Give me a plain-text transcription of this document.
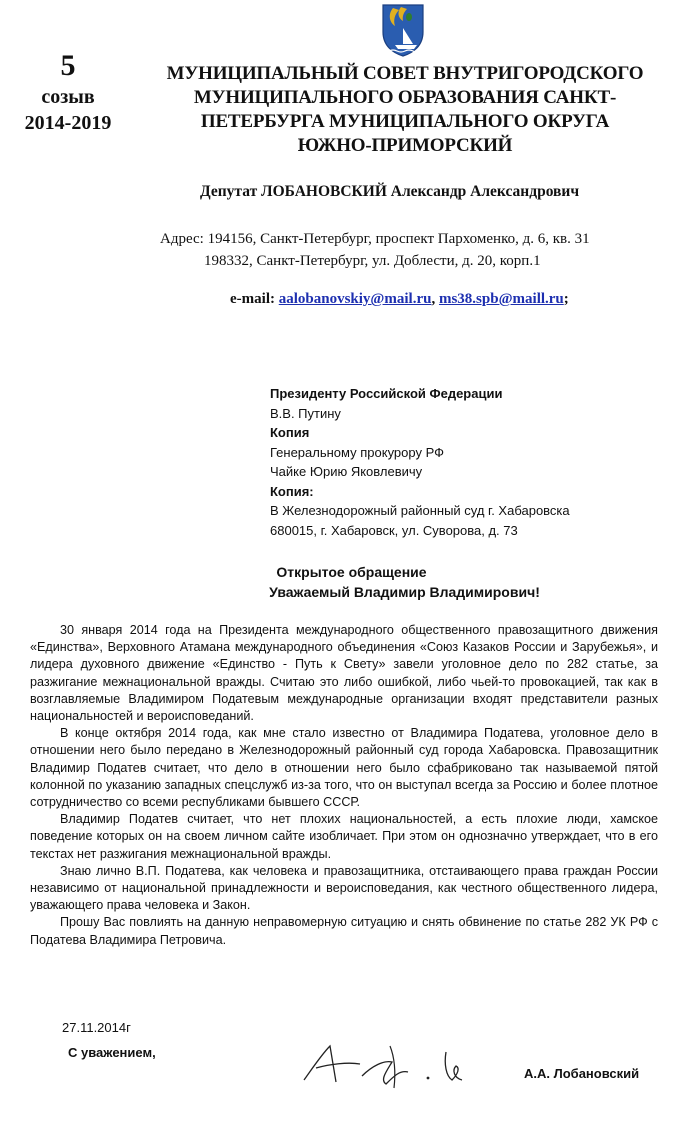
5
созыв
2014-2019
МУНИЦИПАЛЬНЫЙ СОВЕТ ВНУТРИГОРОДСКОГО
МУНИЦИПАЛЬНОГО ОБРАЗОВАНИЯ САНКТ-
ПЕТЕРБУРГА МУНИЦИПАЛЬНОГО ОКРУГА
ЮЖНО-ПРИМОРСКИЙ
Депутат ЛОБАНОВСКИЙ Александр Александрович
Адрес: 194156, Санкт-Петербург, проспект Пархоменко, д. 6, кв. 31
198332, Санкт-Петербург, ул. Доблести, д. 20, корп.1
e-mail: aalobanovskiy@mail.ru, ms38.spb@maill.ru;
Президенту Российской Федерации
В.В. Путину
Копия
Генеральному прокурору РФ
Чайке Юрию Яковлевичу
Копия:
В Железнодорожный районный суд г. Хабаровска
680015, г. Хабаровск, ул. Суворова, д. 73
Открытое обращение
Уважаемый Владимир Владимирович!

30 января 2014 года на Президента международного общественного правозащитного движения «Единства», Верховного Атамана международного объединения «Союз Казаков России и Зарубежья», и лидера духовного движение «Единство - Путь к Свету» завели уголовное дело по 282 статье, за разжигание межнациональной вражды. Считаю это либо ошибкой, либо чьей-то провокацией, так как в возглавляемые Владимиром Податевым международные организации входят представители разных национальностей и вероисповеданий.

В конце октября 2014 года, как мне стало известно от Владимира Податева, уголовное дело в отношении него было передано в Железнодорожный районный суд города Хабаровска. Правозащитник Владимир Податев считает, что дело в отношении него было сфабриковано так называемой пятой колонной по указанию западных спецслужб из-за того, что он выступал всегда за Россию и более плотное сотрудничество со всеми республиками бывшего СССР.

Владимир Податев считает, что нет плохих национальностей, а есть плохие люди, хамское поведение которых он на своем личном сайте изобличает. При этом он однозначно утверждает, что в его текстах нет разжигания межнациональной вражды.

Знаю лично В.П. Податева, как человека и правозащитника, отстаивающего права граждан России независимо от национальной принадлежности и вероисповедания, как честного общественного лидера, уважающего права человека и Закон.

Прошу Вас повлиять на данную неправомерную ситуацию и снять обвинение по статье 282 УК РФ с Податева Владимира Петровича.

27.11.2014г
С уважением,
А.А. Лобановский
